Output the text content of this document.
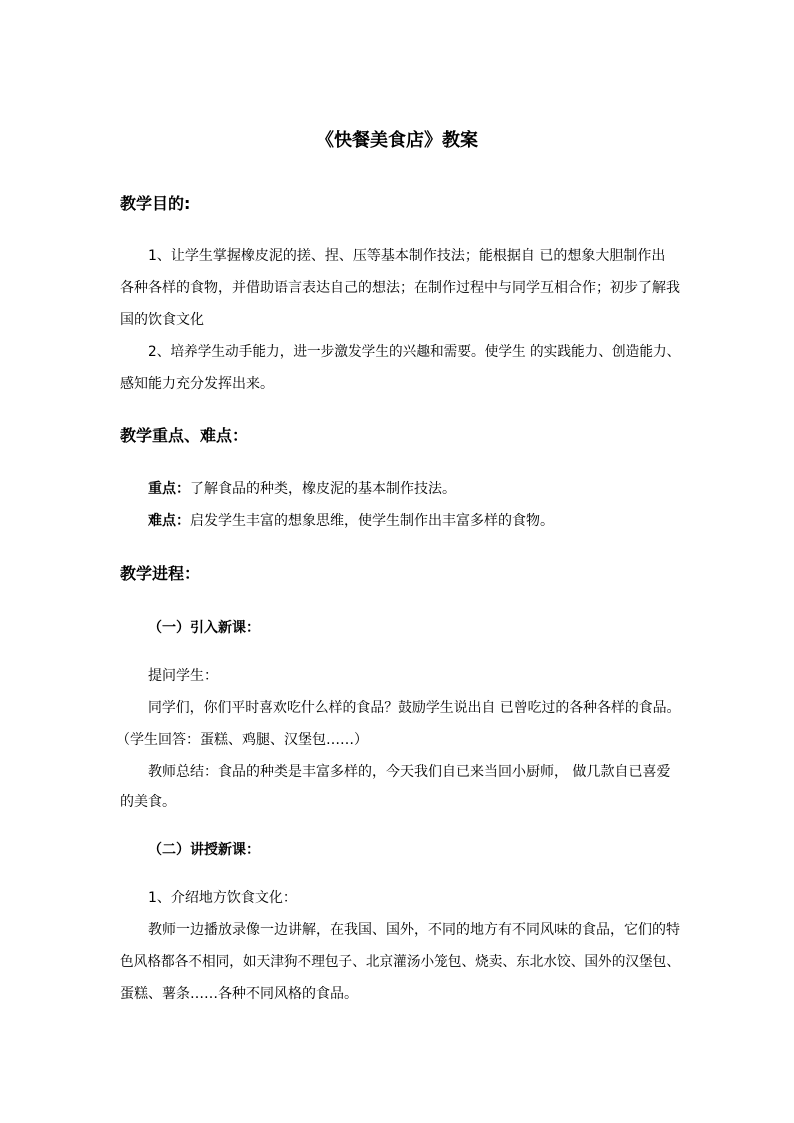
《快餐美食店》教案
教学目的:
1、让学生掌握橡皮泥的搓、捏、压等基本制作技法；能根据自 已的想象大胆制作出
各种各样的食物，并借助语言表达自己的想法；在制作过程中与同学互相合作；初步了解我
国的饮食文化
2、培养学生动手能力，进一步激发学生的兴趣和需要。使学生 的实践能力、创造能力、
感知能力充分发挥出来。
教学重点、难点：
重点：了解食品的种类，橡皮泥的基本制作技法。
难点：启发学生丰富的想象思维，使学生制作出丰富多样的食物。
教学进程：
（一）引入新课：
提问学生：
同学们，你们平时喜欢吃什么样的食品？鼓励学生说出自 已曾吃过的各种各样的食品。
（学生回答：蛋糕、鸡腿、汉堡包……）
教师总结：食品的种类是丰富多样的，今天我们自已来当回小厨师， 做几款自已喜爱
的美食。
（二）讲授新课：
1、介绍地方饮食文化：
教师一边播放录像一边讲解，在我国、国外，不同的地方有不同风味的食品，它们的特
色风格都各不相同，如天津狗不理包子、北京灌汤小笼包、烧卖、东北水饺、国外的汉堡包、
蛋糕、薯条……各种不同风格的食品。
